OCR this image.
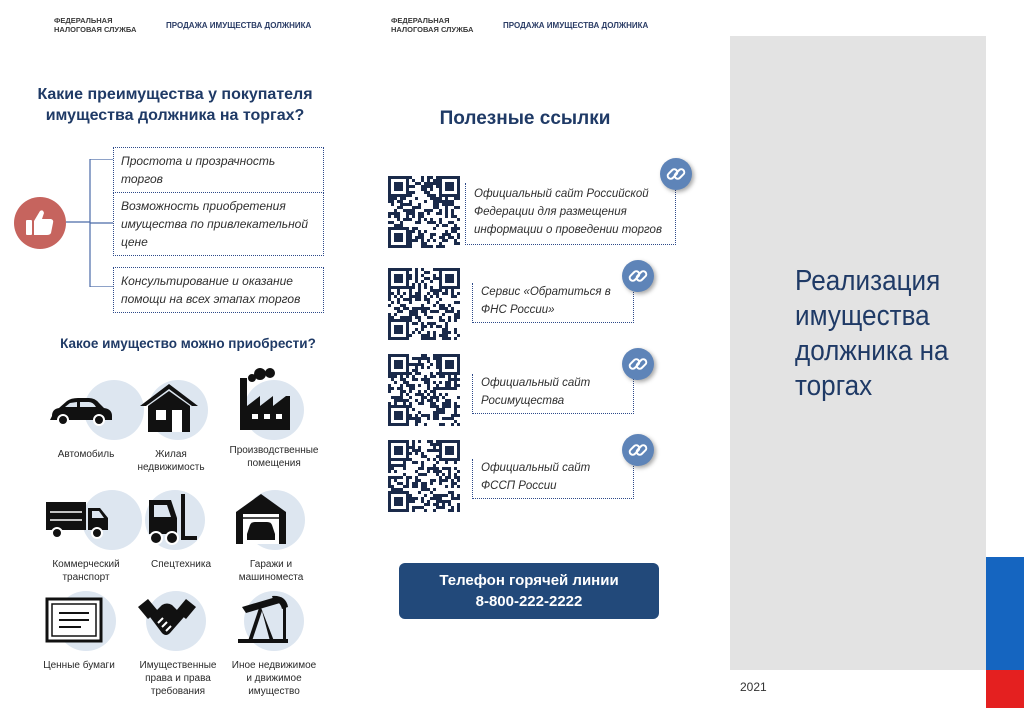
ФЕДЕРАЛЬНАЯ
НАЛОГОВАЯ СЛУЖБА	ПРОДАЖА ИМУЩЕСТВА ДОЛЖНИКА	ФЕДЕРАЛЬНАЯ
НАЛОГОВАЯ СЛУЖБА	ПРОДАЖА ИМУЩЕСТВА ДОЛЖНИКА
Какие преимущества у покупателя имущества должника на торгах?
Простота и прозрачность торгов
Возможность приобретения имущества по привлекательной цене
Консультирование и оказание помощи на всех этапах торгов
Какое имущество можно приобрести?
Автомобиль	Жилая
недвижимость
Производственные
помещения
Коммерческий
транспорт
Спецтехника	Гаражи и
машиноместа
Ценные бумаги	Имущественные
права и права
требования
Иное недвижимое
и движимое
имущество
Полезные ссылки
Официальный сайт Российской Федерации для размещения информации о проведении торгов
Сервис «Обратиться в ФНС России»
Официальный сайт Росимущества
Официальный сайт ФССП России
Телефон горячей линии
8-800-222-2222
Реализация
имущества
должника на
торгах
2021
